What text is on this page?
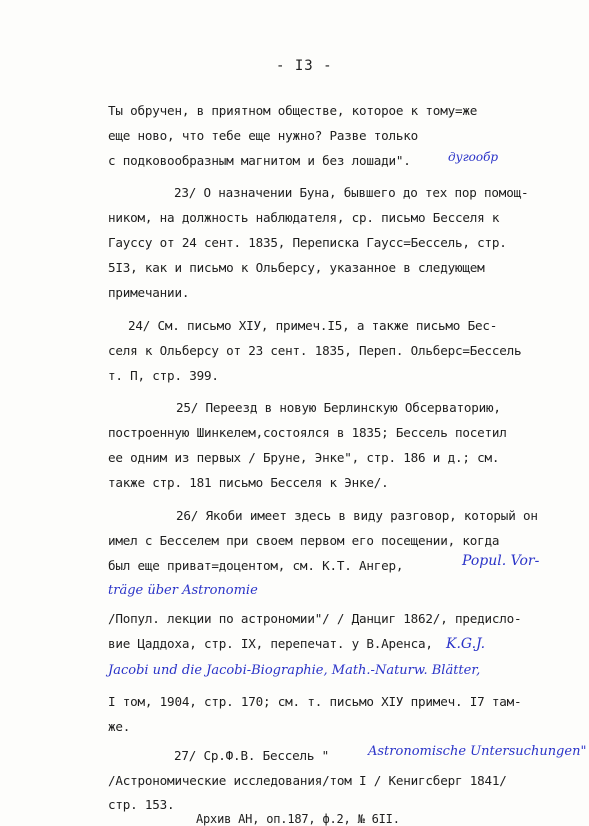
- I3 -
Ты обручен, в приятном обществе, которое к тому=же
еще ново, что тебе еще нужно? Разве только
с подковообразным магнитом и без лошади".
23/ О назначении Буна, бывшего до тех пор помощ-
ником, на должность наблюдателя, ср. письмо Бесселя к
Гауссу от 24 сент. 1835, Переписка Гаусс=Бессель, стр.
5I3, как и письмо к Ольберсу, указанное в следующем
примечании.
24/ См. письмо XIУ, примеч.I5, а также письмо Бес-
селя к Ольберсу от 23 сент. 1835, Переп. Ольберс=Бессель
т. П, стр. 399.
25/ Переезд в новую Берлинскую Обсерваторию,
построенную Шинкелем,состоялся в 1835; Бессель посетил
ее одним из первых / Бруне, Энке", стр. 186 и д.; см.
также стр. 181 письмо Бесселя к Энке/.
26/ Якоби имеет здесь в виду разговор, который он
имел с Бесселем при своем первом его посещении, когда
был еще приват=доцентом, см. К.Т. Ангер,
/Попул. лекции по астрономии"/ / Данциг 1862/, предисло-
вие Цаддоха, стр. IX, перепечат. у В.Аренса,
I том, 1904, стр. 170; см. т. письмо XIУ примеч. I7 там-
же.
27/ Ср.Ф.В. Бессель "
/Астрономические исследования/том I / Кенигсберг 1841/
стр. 153.
Архив АН, оп.187, ф.2, № 6II.
дугообр
Popul. Vor-
träge über Astronomie
K.G.J.
Jacobi und die Jacobi-Biographie, Math.-Naturw. Blätter,
Astronomische Untersuchungen"
